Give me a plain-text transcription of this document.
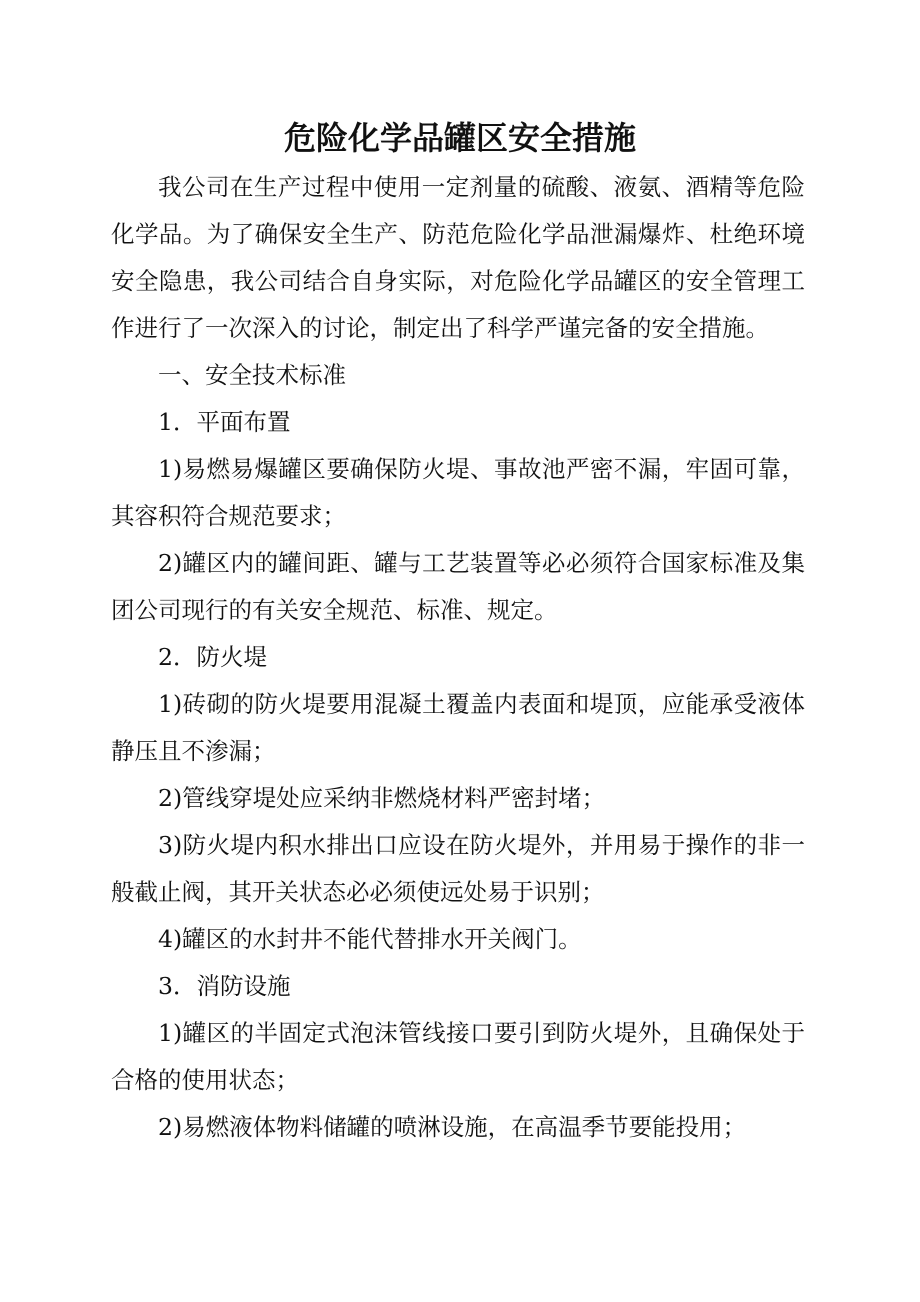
危险化学品罐区安全措施

我公司在生产过程中使用一定剂量的硫酸、液氨、酒精等危险化学品。为了确保安全生产、防范危险化学品泄漏爆炸、杜绝环境安全隐患，我公司结合自身实际，对危险化学品罐区的安全管理工作进行了一次深入的讨论，制定出了科学严谨完备的安全措施。

一、安全技术标准

1．平面布置

1)易燃易爆罐区要确保防火堤、事故池严密不漏，牢固可靠，其容积符合规范要求；

2)罐区内的罐间距、罐与工艺装置等必必须符合国家标准及集团公司现行的有关安全规范、标准、规定。

2．防火堤

1)砖砌的防火堤要用混凝土覆盖内表面和堤顶，应能承受液体静压且不渗漏；

2)管线穿堤处应采纳非燃烧材料严密封堵；

3)防火堤内积水排出口应设在防火堤外，并用易于操作的非一般截止阀，其开关状态必必须使远处易于识别；

4)罐区的水封井不能代替排水开关阀门。

3．消防设施

1)罐区的半固定式泡沫管线接口要引到防火堤外，且确保处于合格的使用状态；

2)易燃液体物料储罐的喷淋设施，在高温季节要能投用；
